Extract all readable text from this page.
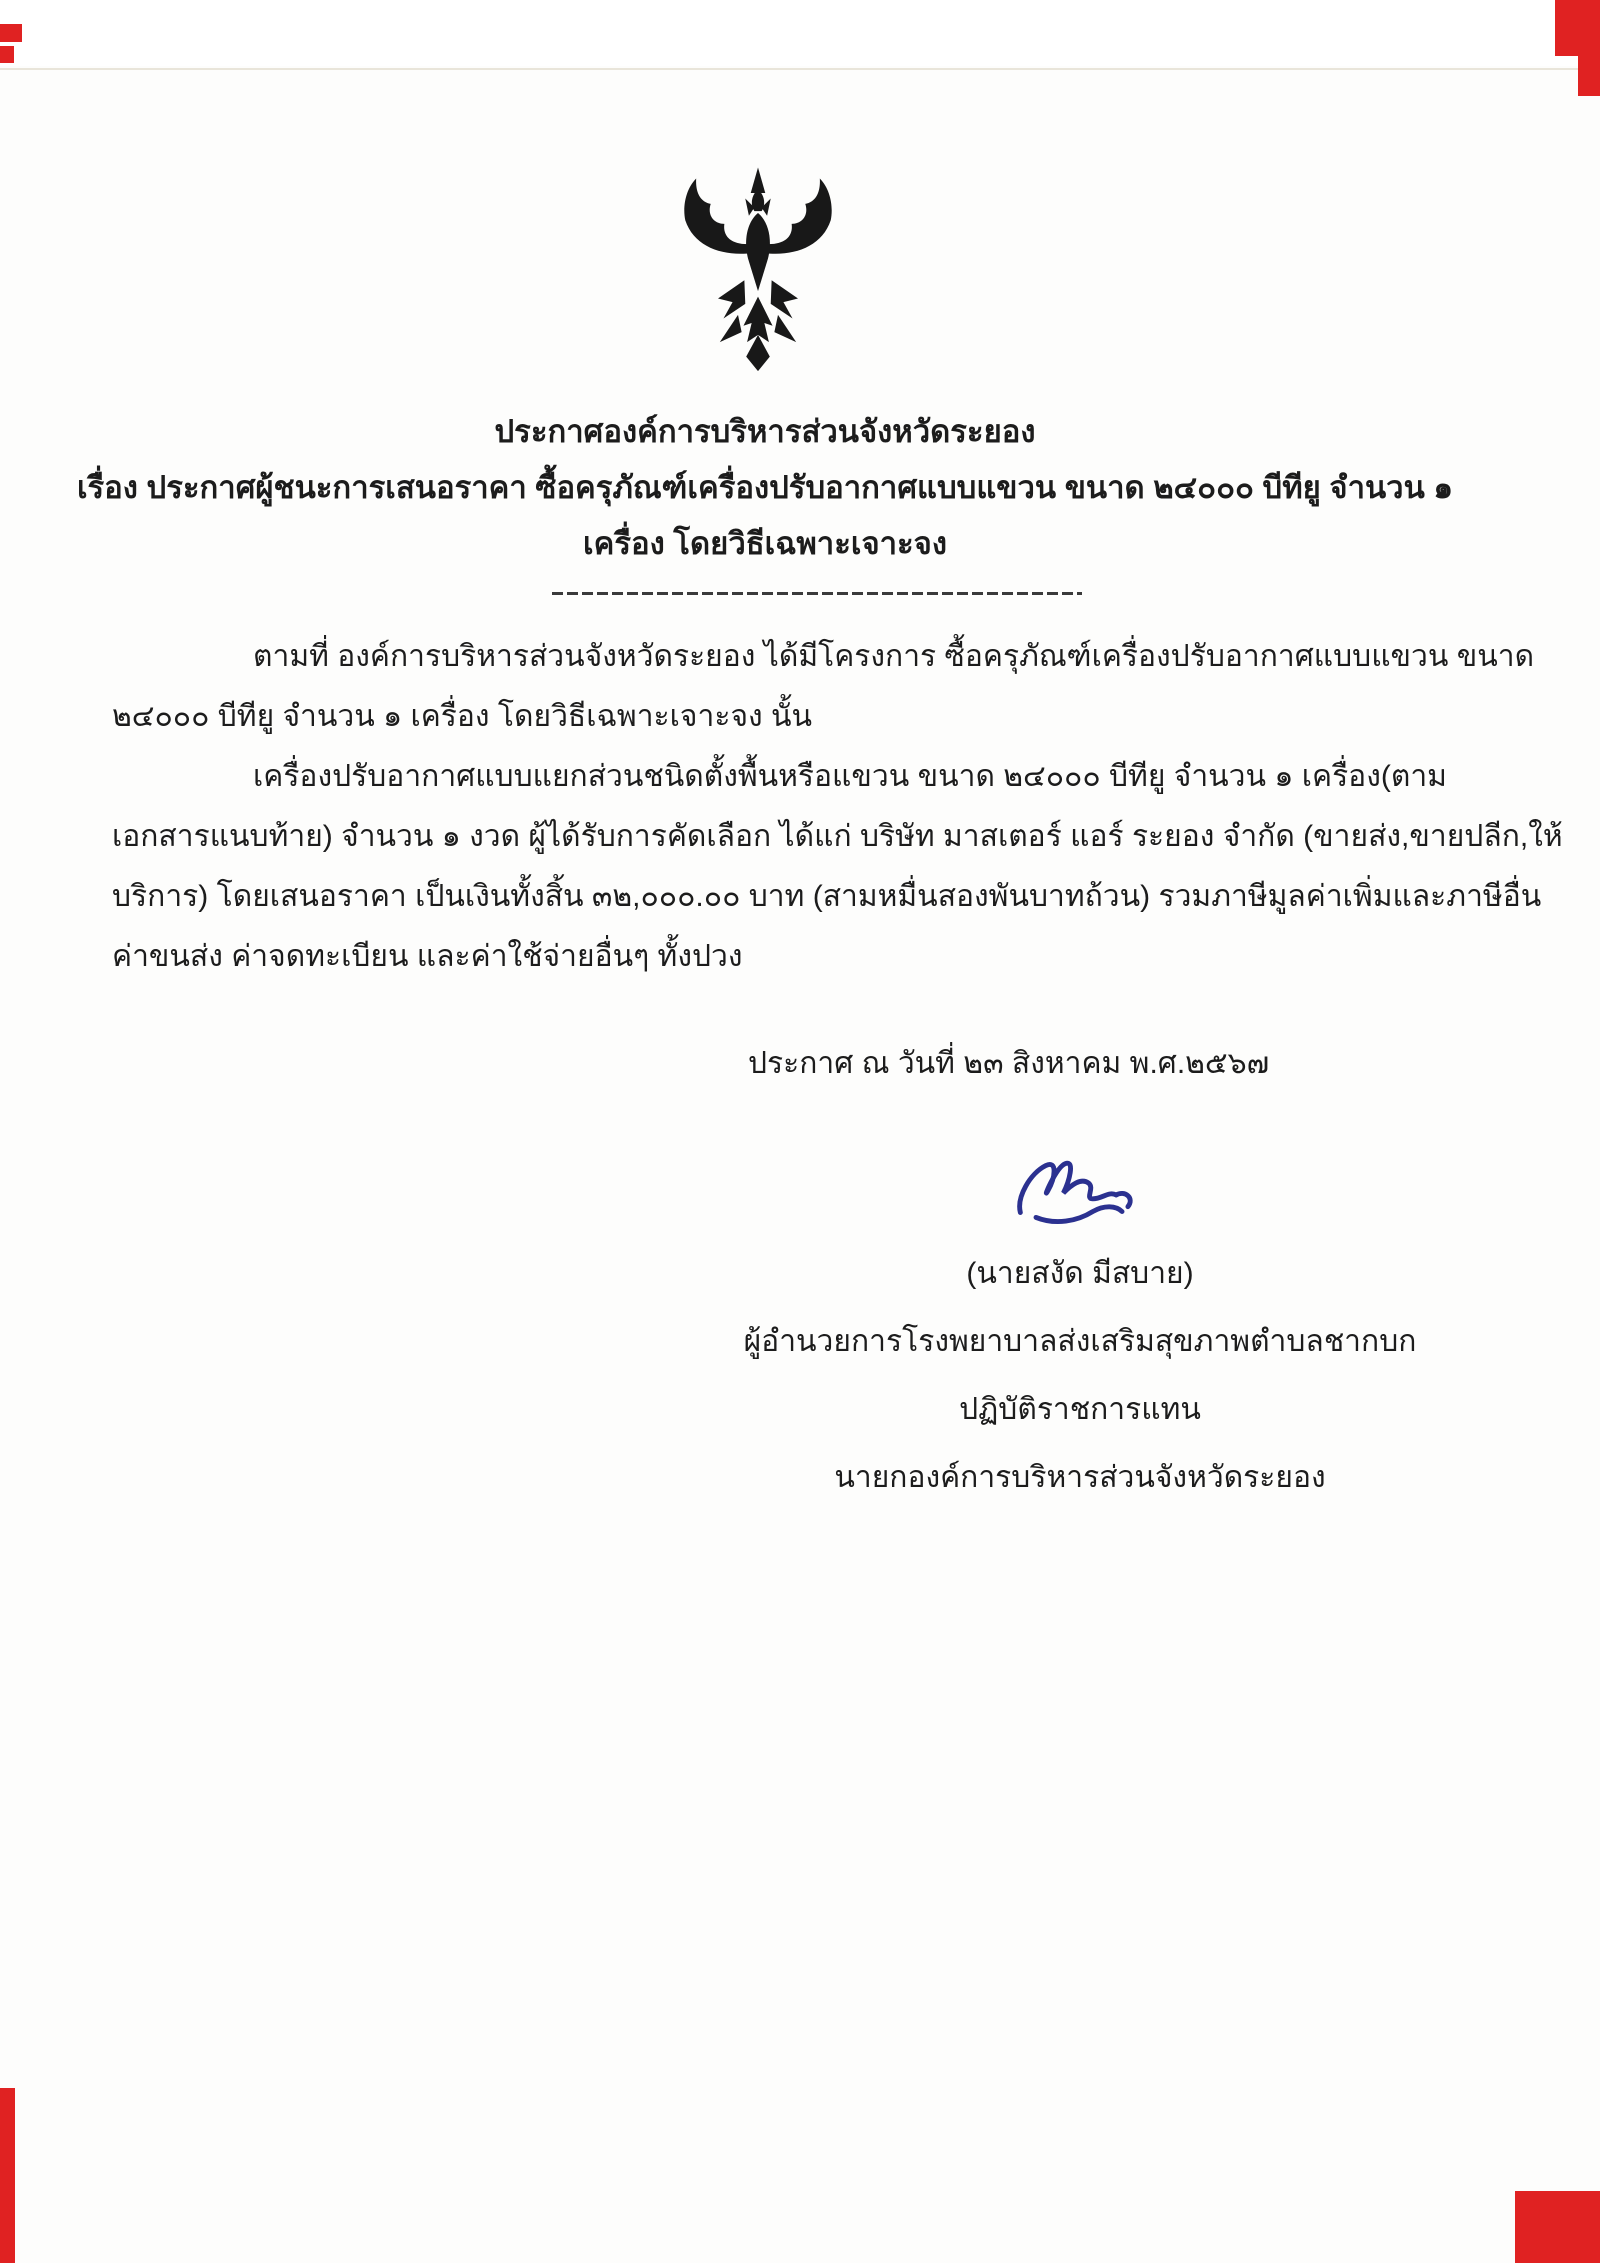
ประกาศองค์การบริหารส่วนจังหวัดระยอง
เรื่อง ประกาศผู้ชนะการเสนอราคา ซื้อครุภัณฑ์เครื่องปรับอากาศแบบแขวน ขนาด ๒๔๐๐๐ บีทียู จำนวน ๑
เครื่อง โดยวิธีเฉพาะเจาะจง
ตามที่ องค์การบริหารส่วนจังหวัดระยอง ได้มีโครงการ ซื้อครุภัณฑ์เครื่องปรับอากาศแบบแขวน ขนาด
๒๔๐๐๐ บีทียู จำนวน ๑ เครื่อง โดยวิธีเฉพาะเจาะจง นั้น
เครื่องปรับอากาศแบบแยกส่วนชนิดตั้งพื้นหรือแขวน ขนาด ๒๔๐๐๐ บีทียู จำนวน ๑ เครื่อง(ตาม
เอกสารแนบท้าย) จำนวน ๑ งวด ผู้ได้รับการคัดเลือก ได้แก่ บริษัท มาสเตอร์ แอร์ ระยอง จำกัด (ขายส่ง,ขายปลีก,ให้
บริการ) โดยเสนอราคา เป็นเงินทั้งสิ้น ๓๒,๐๐๐.๐๐ บาท (สามหมื่นสองพันบาทถ้วน) รวมภาษีมูลค่าเพิ่มและภาษีอื่น
ค่าขนส่ง ค่าจดทะเบียน และค่าใช้จ่ายอื่นๆ ทั้งปวง
ประกาศ ณ วันที่ ๒๓ สิงหาคม พ.ศ.๒๕๖๗
(นายสงัด มีสบาย)
ผู้อำนวยการโรงพยาบาลส่งเสริมสุขภาพตำบลชากบก
ปฏิบัติราชการแทน
นายกองค์การบริหารส่วนจังหวัดระยอง
